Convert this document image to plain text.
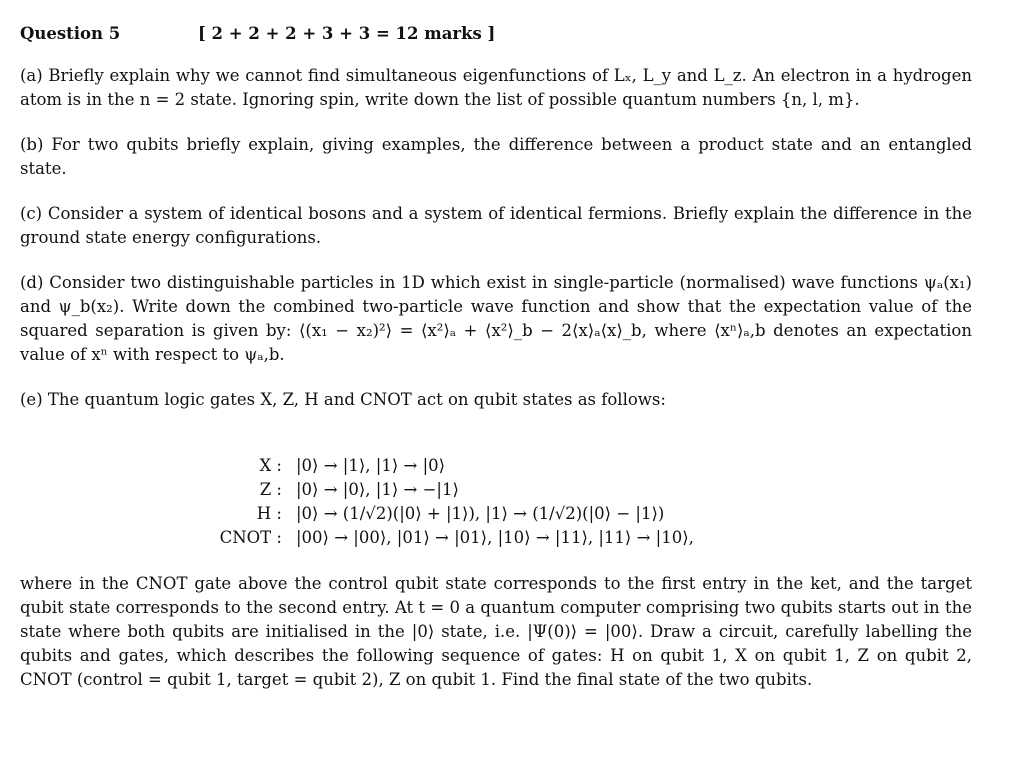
Question 5	[ 2 + 2 + 2 + 3 + 3 = 12 marks ]

(a) Briefly explain why we cannot find simultaneous eigenfunctions of Lₓ, L_y and L_z. An electron in a hydrogen atom is in the n = 2 state. Ignoring spin, write down the list of possible quantum numbers {n, l, m}.

(b) For two qubits briefly explain, giving examples, the difference between a product state and an entangled state.

(c) Consider a system of identical bosons and a system of identical fermions. Briefly explain the difference in the ground state energy configurations.

(d) Consider two distinguishable particles in 1D which exist in single-particle (normalised) wave functions ψₐ(x₁) and ψ_b(x₂). Write down the combined two-particle wave function and show that the expectation value of the squared separation is given by: ⟨(x₁ − x₂)²⟩ = ⟨x²⟩ₐ + ⟨x²⟩_b − 2⟨x⟩ₐ⟨x⟩_b, where ⟨xⁿ⟩ₐ,b denotes an expectation value of xⁿ with respect to ψₐ,b.

(e) The quantum logic gates X, Z, H and CNOT act on qubit states as follows:

X : |0⟩ → |1⟩, |1⟩ → |0⟩
Z : |0⟩ → |0⟩, |1⟩ → −|1⟩
H : |0⟩ → (1/√2)(|0⟩ + |1⟩), |1⟩ → (1/√2)(|0⟩ − |1⟩)
CNOT : |00⟩ → |00⟩, |01⟩ → |01⟩, |10⟩ → |11⟩, |11⟩ → |10⟩,

where in the CNOT gate above the control qubit state corresponds to the first entry in the ket, and the target qubit state corresponds to the second entry. At t = 0 a quantum computer comprising two qubits starts out in the state where both qubits are initialised in the |0⟩ state, i.e. |Ψ(0)⟩ = |00⟩. Draw a circuit, carefully labelling the qubits and gates, which describes the following sequence of gates: H on qubit 1, X on qubit 1, Z on qubit 2, CNOT (control = qubit 1, target = qubit 2), Z on qubit 1. Find the final state of the two qubits.
